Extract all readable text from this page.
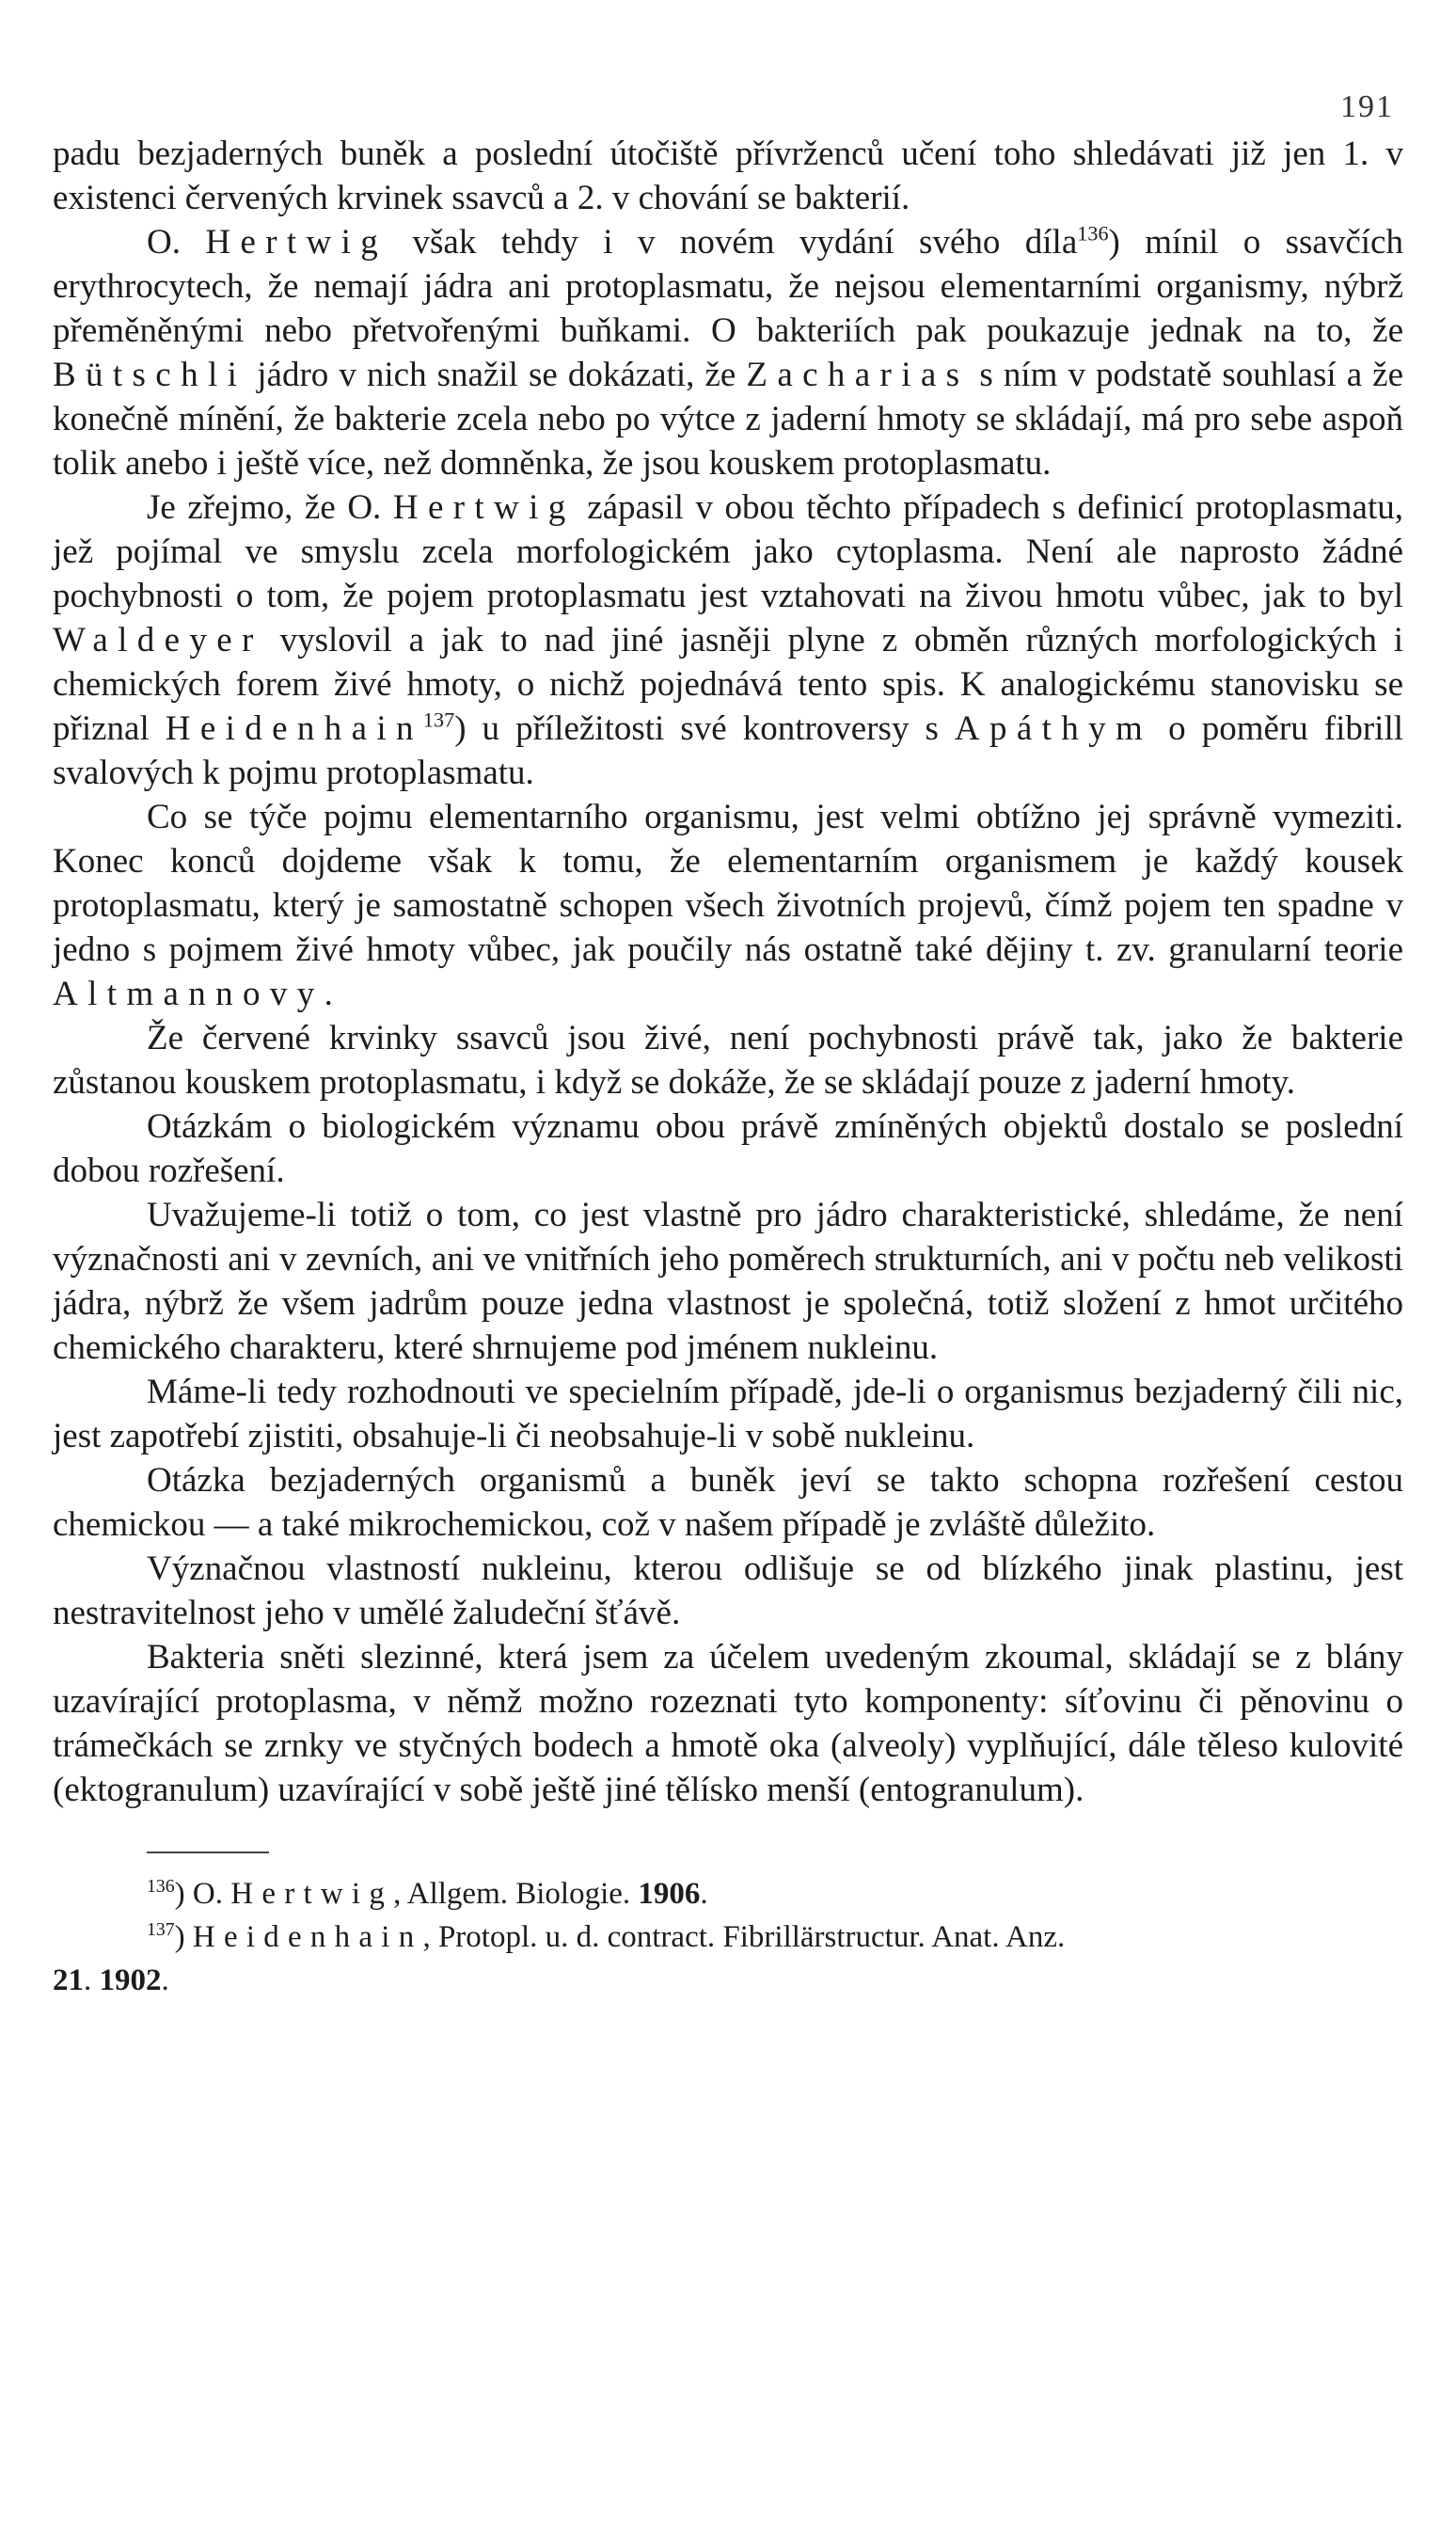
191

padu bezjaderných buněk a poslední útočiště přívrženců učení toho shledávati již jen 1. v existenci červených krvinek ssavců a 2. v chování se bakterií.

O. Hertwig však tehdy i v novém vydání svého díla$^{136}$) mínil o ssavčích erythrocytech, že nemají jádra ani protoplasmatu, že nejsou elementarními organismy, nýbrž přeměněnými nebo přetvořenými buňkami. O bakteriích pak poukazuje jednak na to, že Bütschli jádro v nich snažil se dokázati, že Zacharias s ním v podstatě souhlasí a že konečně mínění, že bakterie zcela nebo po výtce z jaderní hmoty se skládají, má pro sebe aspoň tolik anebo i ještě více, než domněnka, že jsou kouskem protoplasmatu.

Je zřejmo, že O. Hertwig zápasil v obou těchto případech s definicí protoplasmatu, jež pojímal ve smyslu zcela morfologickém jako cytoplasma. Není ale naprosto žádné pochybnosti o tom, že pojem protoplasmatu jest vztahovati na živou hmotu vůbec, jak to byl Waldeyer vyslovil a jak to nad jiné jasněji plyne z obměn různých morfologických i chemických forem živé hmoty, o nichž pojednává tento spis. K analogickému stanovisku se přiznal Heidenhain$^{137}$) u příležitosti své kontroversy s Apáthym o poměru fibrill svalových k pojmu protoplasmatu.

Co se týče pojmu elementarního organismu, jest velmi obtížno jej správně vymeziti. Konec konců dojdeme však k tomu, že elementarním organismem je každý kousek protoplasmatu, který je samostatně schopen všech životních projevů, čímž pojem ten spadne v jedno s pojmem živé hmoty vůbec, jak poučily nás ostatně také dějiny t. zv. granularní teorie Altmannovy.

Že červené krvinky ssavců jsou živé, není pochybnosti právě tak, jako že bakterie zůstanou kouskem protoplasmatu, i když se dokáže, že se skládají pouze z jaderní hmoty.

Otázkám o biologickém významu obou právě zmíněných objektů dostalo se poslední dobou rozřešení.

Uvažujeme-li totiž o tom, co jest vlastně pro jádro charakteristické, shledáme, že není význačnosti ani v zevních, ani ve vnitřních jeho poměrech strukturních, ani v počtu neb velikosti jádra, nýbrž že všem jadrům pouze jedna vlastnost je společná, totiž složení z hmot určitého chemického charakteru, které shrnujeme pod jménem nukleinu.

Máme-li tedy rozhodnouti ve specielním případě, jde-li o organismus bezjaderný čili nic, jest zapotřebí zjistiti, obsahuje-li či neobsahuje-li v sobě nukleinu.

Otázka bezjaderných organismů a buněk jeví se takto schopna rozřešení cestou chemickou — a také mikrochemickou, což v našem případě je zvláště důležito.

Význačnou vlastností nukleinu, kterou odlišuje se od blízkého jinak plastinu, jest nestravitelnost jeho v umělé žaludeční šťávě.

Bakteria sněti slezinné, která jsem za účelem uvedeným zkoumal, skládají se z blány uzavírající protoplasma, v němž možno rozeznati tyto komponenty: síťovinu či pěnovinu o trámečkách se zrnky ve styčných bodech a hmotě oka (alveoly) vyplňující, dále těleso kulovité (ektogranulum) uzavírající v sobě ještě jiné tělísko menší (entogranulum).

$^{136}$) O. Hertwig, Allgem. Biologie. 1906.

$^{137}$) Heidenhain, Protopl. u. d. contract. Fibrillärstructur. Anat. Anz.

21. 1902.
